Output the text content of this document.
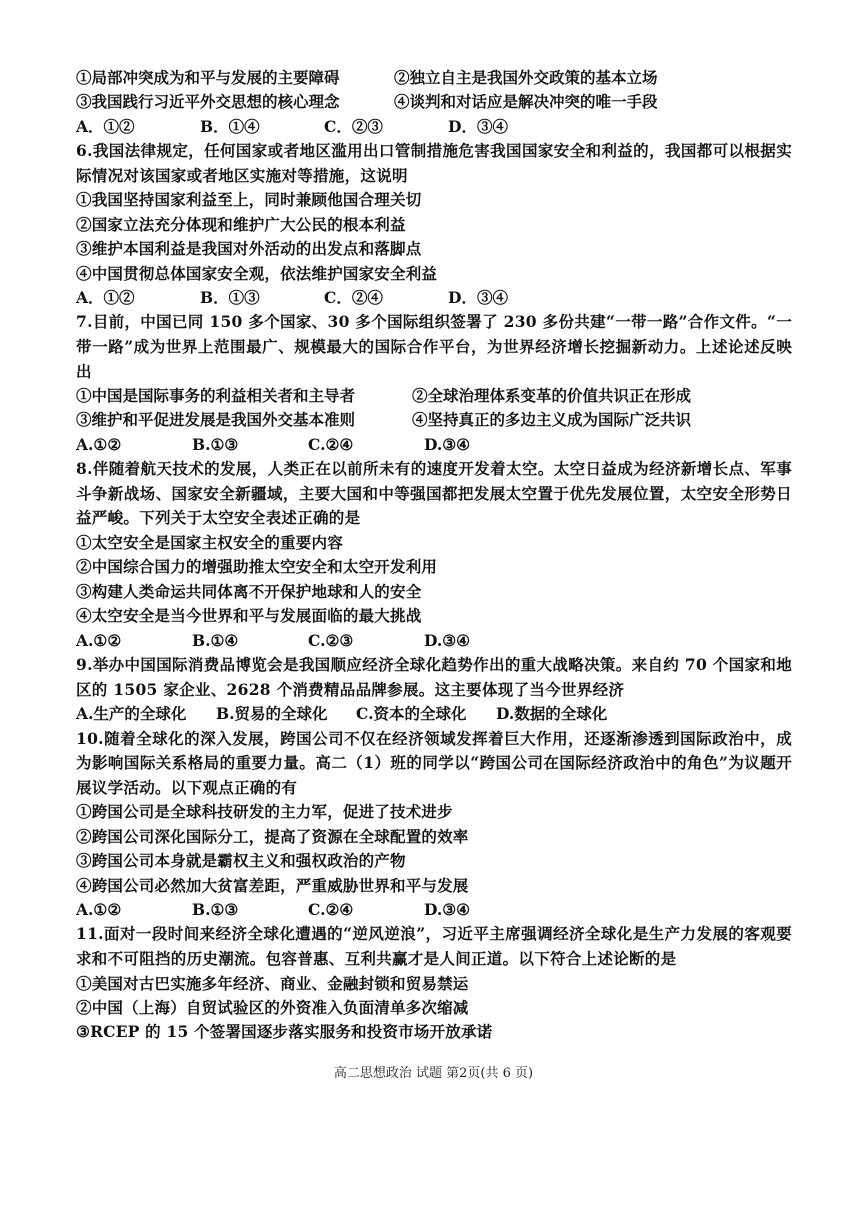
①局部冲突成为和平与发展的主要障碍	②独立自主是我国外交政策的基本立场
③我国践行习近平外交思想的核心理念	④谈判和对话应是解决冲突的唯一手段
A．①②	B．①④	C．②③	D．③④
6.我国法律规定，任何国家或者地区滥用出口管制措施危害我国国家安全和利益的，我国都可以根据实际情况对该国家或者地区实施对等措施，这说明
①我国坚持国家利益至上，同时兼顾他国合理关切
②国家立法充分体现和维护广大公民的根本利益
③维护本国利益是我国对外活动的出发点和落脚点
④中国贯彻总体国家安全观，依法维护国家安全利益
A．①②	B．①③	C．②④	D．③④
7.目前，中国已同 150 多个国家、30 多个国际组织签署了 230 多份共建“一带一路”合作文件。“一带一路”成为世界上范围最广、规模最大的国际合作平台，为世界经济增长挖掘新动力。上述论述反映出
①中国是国际事务的利益相关者和主导者	②全球治理体系变革的价值共识正在形成
③维护和平促进发展是我国外交基本准则	④坚持真正的多边主义成为国际广泛共识
A.①②	B.①③	C.②④	D.③④
8.伴随着航天技术的发展，人类正在以前所未有的速度开发着太空。太空日益成为经济新增长点、军事斗争新战场、国家安全新疆域，主要大国和中等强国都把发展太空置于优先发展位置，太空安全形势日益严峻。下列关于太空安全表述正确的是
①太空安全是国家主权安全的重要内容
②中国综合国力的增强助推太空安全和太空开发利用
③构建人类命运共同体离不开保护地球和人的安全
④太空安全是当今世界和平与发展面临的最大挑战
A.①②	B.①④	C.②③	D.③④
9.举办中国国际消费品博览会是我国顺应经济全球化趋势作出的重大战略决策。来自约 70 个国家和地区的 1505 家企业、2628 个消费精品品牌参展。这主要体现了当今世界经济
A.生产的全球化	B.贸易的全球化	C.资本的全球化	D.数据的全球化
10.随着全球化的深入发展，跨国公司不仅在经济领域发挥着巨大作用，还逐渐渗透到国际政治中，成为影响国际关系格局的重要力量。高二（1）班的同学以“跨国公司在国际经济政治中的角色”为议题开展议学活动。以下观点正确的有
①跨国公司是全球科技研发的主力军，促进了技术进步
②跨国公司深化国际分工，提高了资源在全球配置的效率
③跨国公司本身就是霸权主义和强权政治的产物
④跨国公司必然加大贫富差距，严重威胁世界和平与发展
A.①②	B.①③	C.②④	D.③④
11.面对一段时间来经济全球化遭遇的“逆风逆浪”，习近平主席强调经济全球化是生产力发展的客观要求和不可阻挡的历史潮流。包容普惠、互利共赢才是人间正道。以下符合上述论断的是
①美国对古巴实施多年经济、商业、金融封锁和贸易禁运
②中国（上海）自贸试验区的外资准入负面清单多次缩减
③RCEP 的 15 个签署国逐步落实服务和投资市场开放承诺
高二思想政治 试题 第2页(共 6 页)
